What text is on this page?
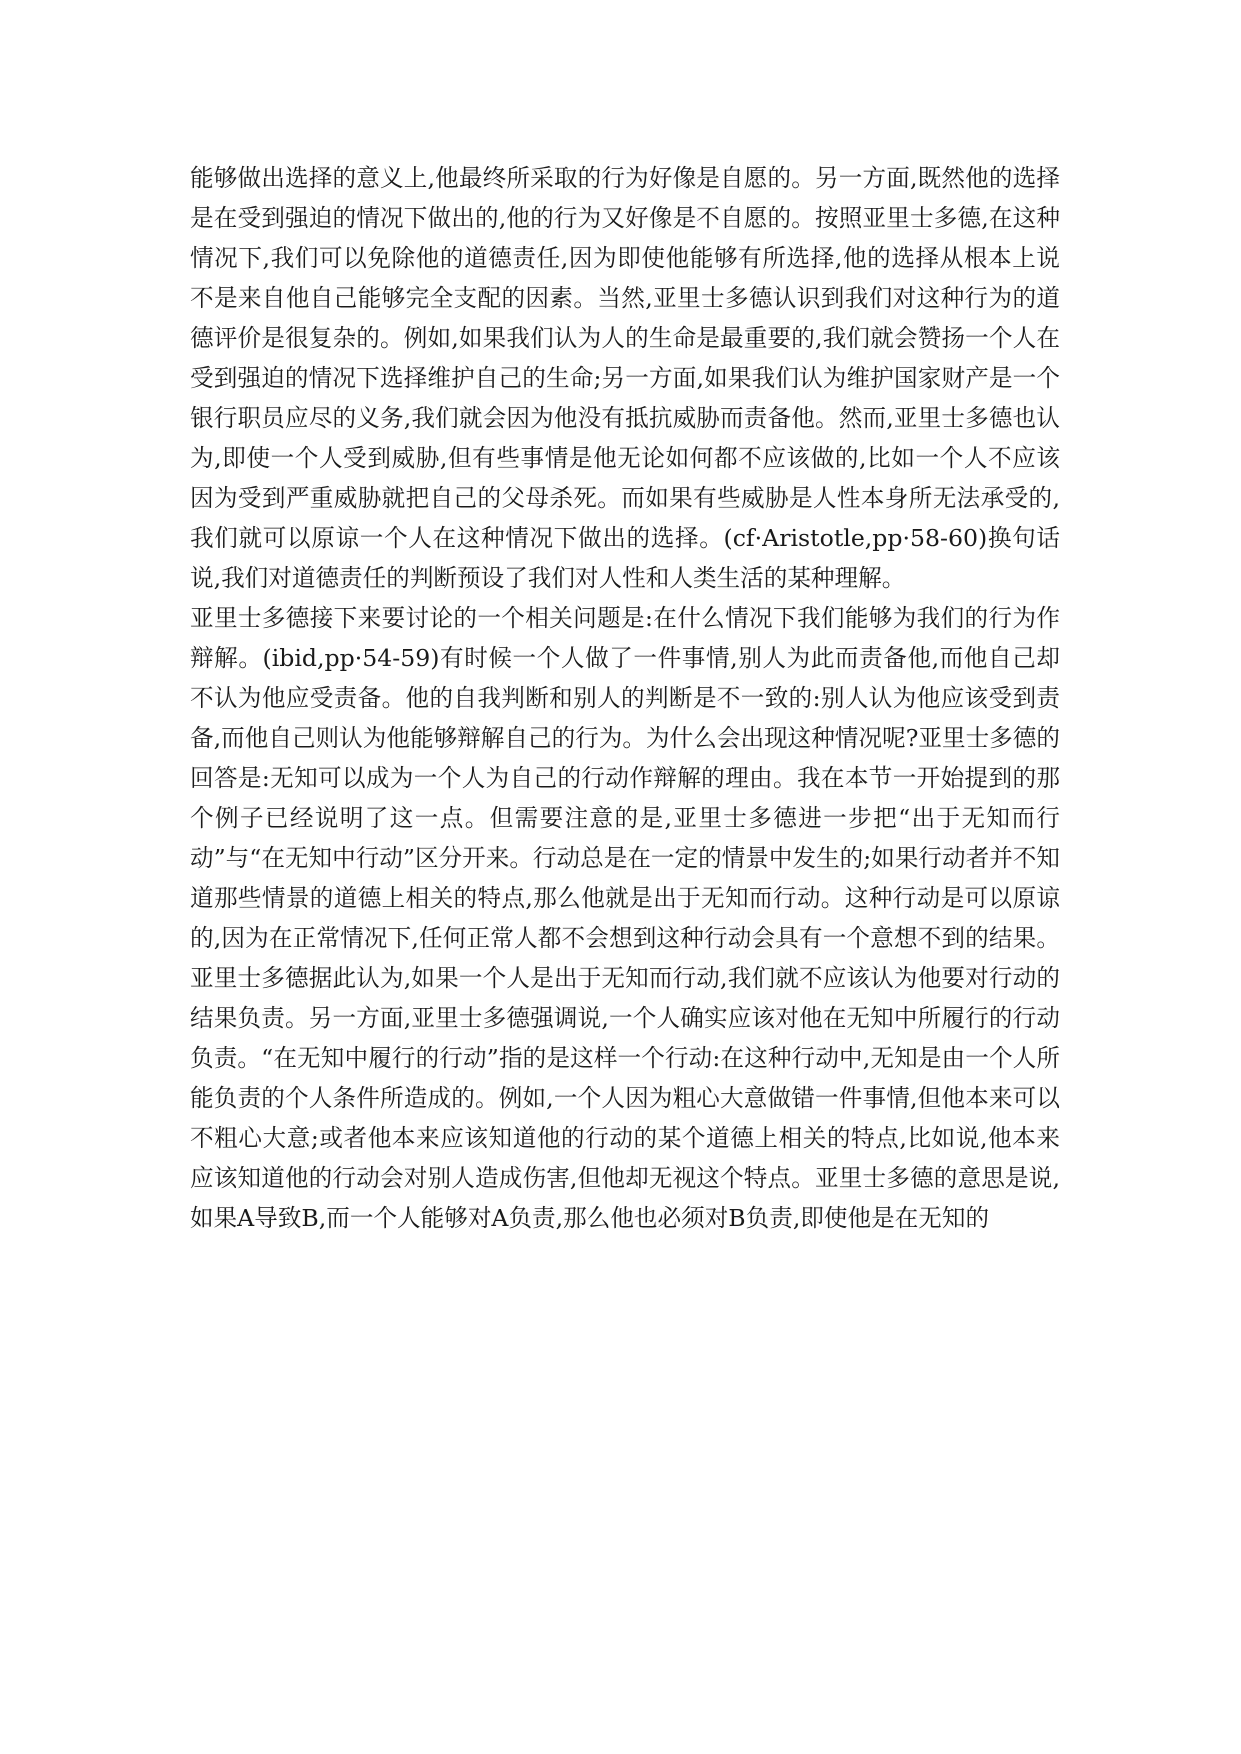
能够做出选择的意义上,他最终所采取的行为好像是自愿的。另一方面,既然他的选择是在受到强迫的情况下做出的,他的行为又好像是不自愿的。按照亚里士多德,在这种情况下,我们可以免除他的道德责任,因为即使他能够有所选择,他的选择从根本上说不是来自他自己能够完全支配的因素。当然,亚里士多德认识到我们对这种行为的道德评价是很复杂的。例如,如果我们认为人的生命是最重要的,我们就会赞扬一个人在受到强迫的情况下选择维护自己的生命;另一方面,如果我们认为维护国家财产是一个银行职员应尽的义务,我们就会因为他没有抵抗威胁而责备他。然而,亚里士多德也认为,即使一个人受到威胁,但有些事情是他无论如何都不应该做的,比如一个人不应该因为受到严重威胁就把自己的父母杀死。而如果有些威胁是人性本身所无法承受的,我们就可以原谅一个人在这种情况下做出的选择。(cf·Aristotle,pp·58-60)换句话说,我们对道德责任的判断预设了我们对人性和人类生活的某种理解。

亚里士多德接下来要讨论的一个相关问题是:在什么情况下我们能够为我们的行为作辩解。(ibid,pp·54-59)有时候一个人做了一件事情,别人为此而责备他,而他自己却不认为他应受责备。他的自我判断和别人的判断是不一致的:别人认为他应该受到责备,而他自己则认为他能够辩解自己的行为。为什么会出现这种情况呢?亚里士多德的回答是:无知可以成为一个人为自己的行动作辩解的理由。我在本节一开始提到的那个例子已经说明了这一点。但需要注意的是,亚里士多德进一步把“出于无知而行动”与“在无知中行动”区分开来。行动总是在一定的情景中发生的;如果行动者并不知道那些情景的道德上相关的特点,那么他就是出于无知而行动。这种行动是可以原谅的,因为在正常情况下,任何正常人都不会想到这种行动会具有一个意想不到的结果。亚里士多德据此认为,如果一个人是出于无知而行动,我们就不应该认为他要对行动的结果负责。另一方面,亚里士多德强调说,一个人确实应该对他在无知中所履行的行动负责。“在无知中履行的行动”指的是这样一个行动:在这种行动中,无知是由一个人所能负责的个人条件所造成的。例如,一个人因为粗心大意做错一件事情,但他本来可以不粗心大意;或者他本来应该知道他的行动的某个道德上相关的特点,比如说,他本来应该知道他的行动会对别人造成伤害,但他却无视这个特点。亚里士多德的意思是说,如果A导致B,而一个人能够对A负责,那么他也必须对B负责,即使他是在无知的
